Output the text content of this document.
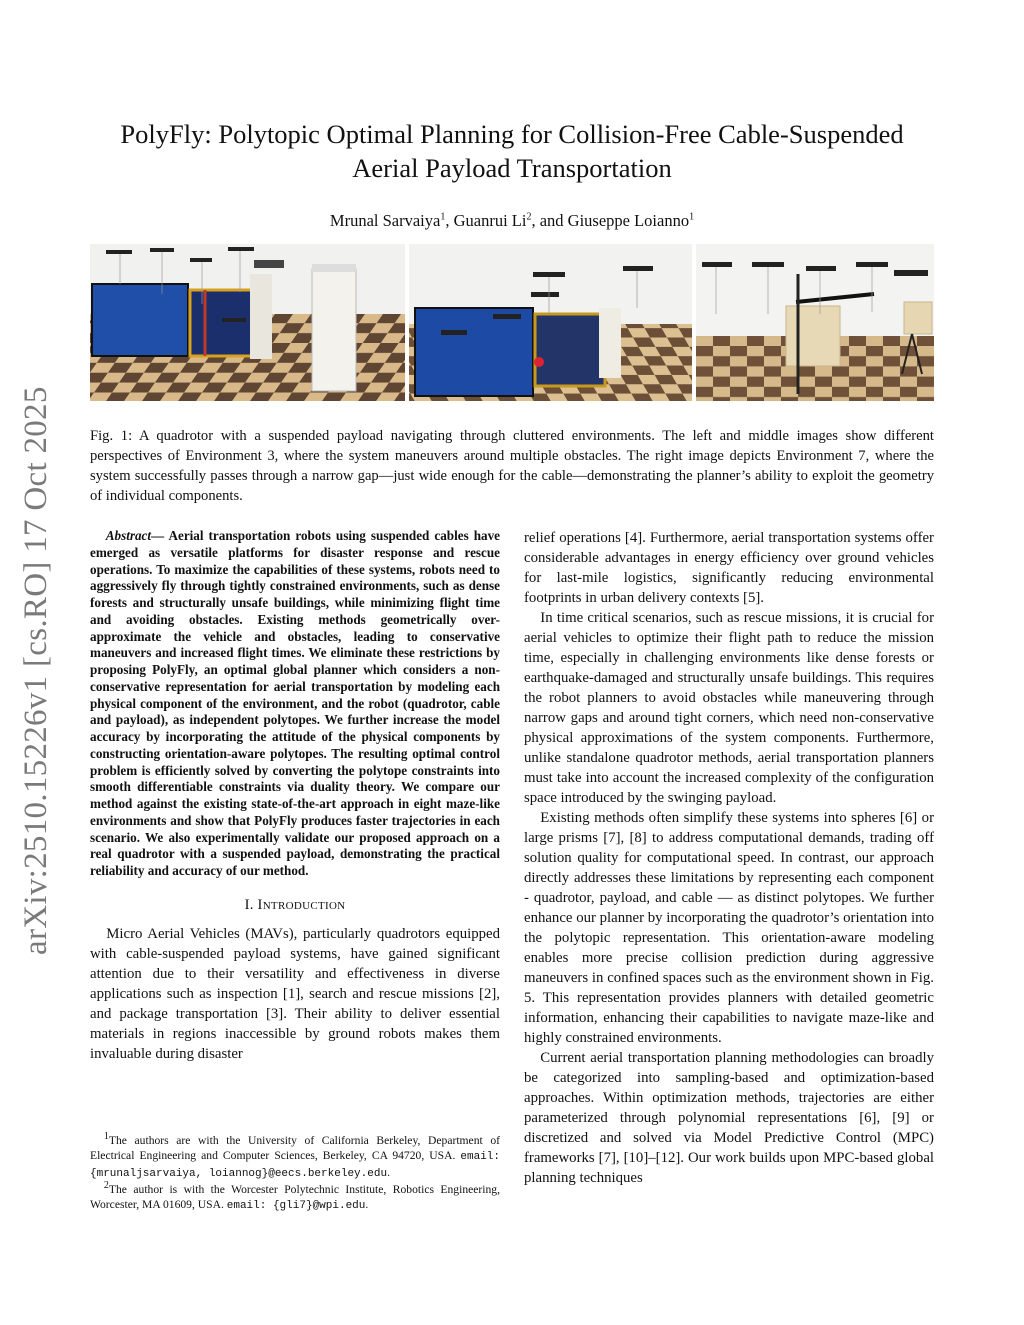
arXiv:2510.15226v1 [cs.RO] 17 Oct 2025
PolyFly: Polytopic Optimal Planning for Collision-Free Cable-Suspended Aerial Payload Transportation
Mrunal Sarvaiya$^1$, Guanrui Li$^2$, and Giuseppe Loianno$^1$
Fig. 1: A quadrotor with a suspended payload navigating through cluttered environments. The left and middle images show different perspectives of Environment 3, where the system maneuvers around multiple obstacles. The right image depicts Environment 7, where the system successfully passes through a narrow gap—just wide enough for the cable—demonstrating the planner’s ability to exploit the geometry of individual components.

Abstract— Aerial transportation robots using suspended cables have emerged as versatile platforms for disaster response and rescue operations. To maximize the capabilities of these systems, robots need to aggressively fly through tightly constrained environments, such as dense forests and structurally unsafe buildings, while minimizing flight time and avoiding obstacles. Existing methods geometrically over-approximate the vehicle and obstacles, leading to conservative maneuvers and increased flight times. We eliminate these restrictions by proposing PolyFly, an optimal global planner which considers a non-conservative representation for aerial transportation by modeling each physical component of the environment, and the robot (quadrotor, cable and payload), as independent polytopes. We further increase the model accuracy by incorporating the attitude of the physical components by constructing orientation-aware polytopes. The resulting optimal control problem is efficiently solved by converting the polytope constraints into smooth differentiable constraints via duality theory. We compare our method against the existing state-of-the-art approach in eight maze-like environments and show that PolyFly produces faster trajectories in each scenario. We also experimentally validate our proposed approach on a real quadrotor with a suspended payload, demonstrating the practical reliability and accuracy of our method.

I. INTRODUCTION

Micro Aerial Vehicles (MAVs), particularly quadrotors equipped with cable-suspended payload systems, have gained significant attention due to their versatility and effectiveness in diverse applications such as inspection [1], search and rescue missions [2], and package transportation [3]. Their ability to deliver essential materials in regions inaccessible by ground robots makes them invaluable during disaster

$^1$The authors are with the University of California Berkeley, Department of Electrical Engineering and Computer Sciences, Berkeley, CA 94720, USA. email: {mrunaljsarvaiya, loiannog}@eecs.berkeley.edu.

$^2$The author is with the Worcester Polytechnic Institute, Robotics Engineering, Worcester, MA 01609, USA. email: {gli7}@wpi.edu.

relief operations [4]. Furthermore, aerial transportation systems offer considerable advantages in energy efficiency over ground vehicles for last-mile logistics, significantly reducing environmental footprints in urban delivery contexts [5].

In time critical scenarios, such as rescue missions, it is crucial for aerial vehicles to optimize their flight path to reduce the mission time, especially in challenging environments like dense forests or earthquake-damaged and structurally unsafe buildings. This requires the robot planners to avoid obstacles while maneuvering through narrow gaps and around tight corners, which need non-conservative physical approximations of the system components. Furthermore, unlike standalone quadrotor methods, aerial transportation planners must take into account the increased complexity of the configuration space introduced by the swinging payload.

Existing methods often simplify these systems into spheres [6] or large prisms [7], [8] to address computational demands, trading off solution quality for computational speed. In contrast, our approach directly addresses these limitations by representing each component - quadrotor, payload, and cable — as distinct polytopes. We further enhance our planner by incorporating the quadrotor’s orientation into the polytopic representation. This orientation-aware modeling enables more precise collision prediction during aggressive maneuvers in confined spaces such as the environment shown in Fig. 5. This representation provides planners with detailed geometric information, enhancing their capabilities to navigate maze-like and highly constrained environments.

Current aerial transportation planning methodologies can broadly be categorized into sampling-based and optimization-based approaches. Within optimization methods, trajectories are either parameterized through polynomial representations [6], [9] or discretized and solved via Model Predictive Control (MPC) frameworks [7], [10]–[12]. Our work builds upon MPC-based global planning techniques
